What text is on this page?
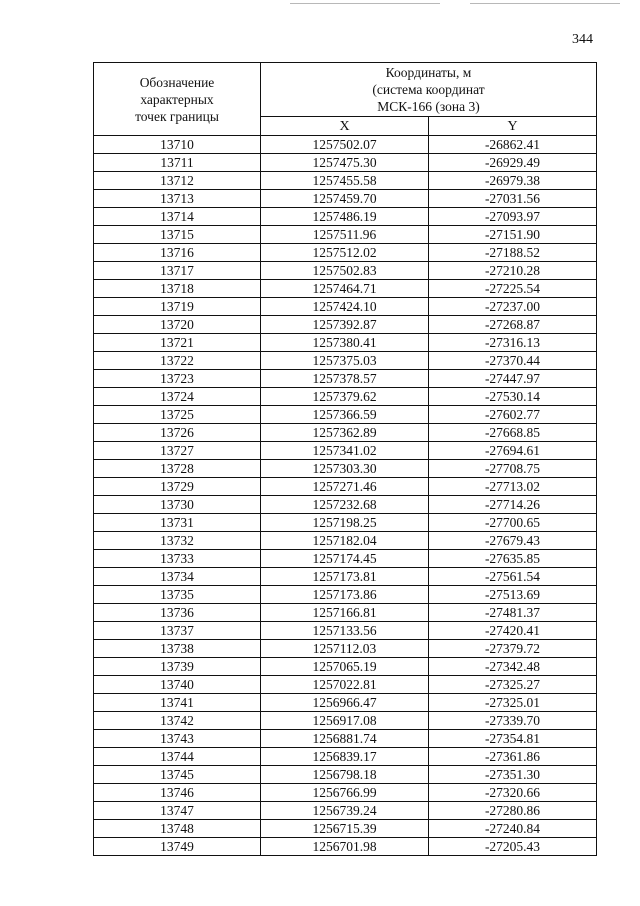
344
Обозначение
характерных
точек границы	Координаты, м
(система координат
МСК-166 (зона 3)	

	X	Y
13710	1257502.07	-26862.41
13711	1257475.30	-26929.49
13712	1257455.58	-26979.38
13713	1257459.70	-27031.56
13714	1257486.19	-27093.97
13715	1257511.96	-27151.90
13716	1257512.02	-27188.52
13717	1257502.83	-27210.28
13718	1257464.71	-27225.54
13719	1257424.10	-27237.00
13720	1257392.87	-27268.87
13721	1257380.41	-27316.13
13722	1257375.03	-27370.44
13723	1257378.57	-27447.97
13724	1257379.62	-27530.14
13725	1257366.59	-27602.77
13726	1257362.89	-27668.85
13727	1257341.02	-27694.61
13728	1257303.30	-27708.75
13729	1257271.46	-27713.02
13730	1257232.68	-27714.26
13731	1257198.25	-27700.65
13732	1257182.04	-27679.43
13733	1257174.45	-27635.85
13734	1257173.81	-27561.54
13735	1257173.86	-27513.69
13736	1257166.81	-27481.37
13737	1257133.56	-27420.41
13738	1257112.03	-27379.72
13739	1257065.19	-27342.48
13740	1257022.81	-27325.27
13741	1256966.47	-27325.01
13742	1256917.08	-27339.70
13743	1256881.74	-27354.81
13744	1256839.17	-27361.86
13745	1256798.18	-27351.30
13746	1256766.99	-27320.66
13747	1256739.24	-27280.86
13748	1256715.39	-27240.84
13749	1256701.98	-27205.43
